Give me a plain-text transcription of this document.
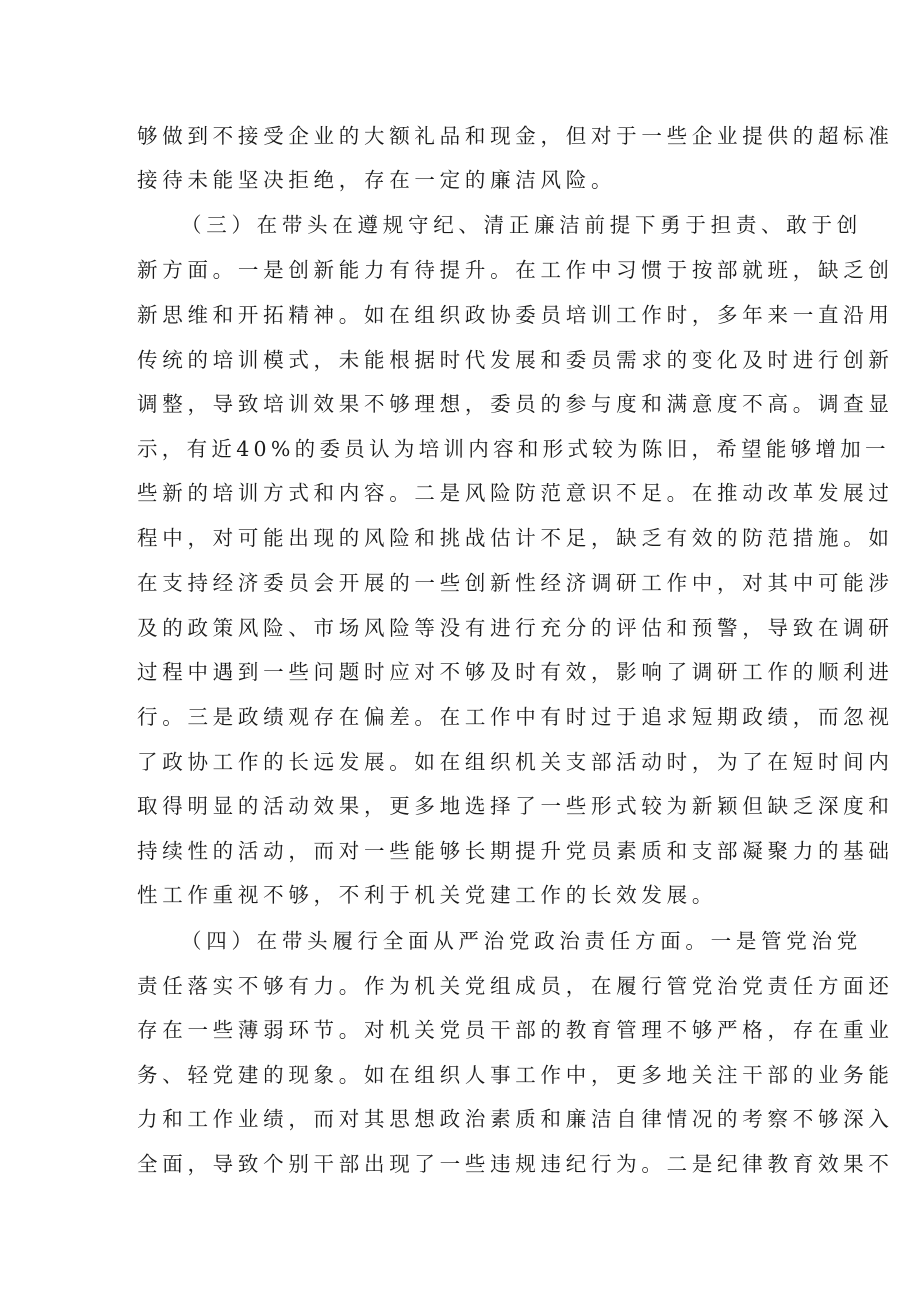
够做到不接受企业的大额礼品和现金，但对于一些企业提供的超标准
接待未能坚决拒绝，存在一定的廉洁风险。
（三）在带头在遵规守纪、清正廉洁前提下勇于担责、敢于创
新方面。一是创新能力有待提升。在工作中习惯于按部就班，缺乏创
新思维和开拓精神。如在组织政协委员培训工作时，多年来一直沿用
传统的培训模式，未能根据时代发展和委员需求的变化及时进行创新
调整，导致培训效果不够理想，委员的参与度和满意度不高。调查显
示，有近40%的委员认为培训内容和形式较为陈旧，希望能够增加一
些新的培训方式和内容。二是风险防范意识不足。在推动改革发展过
程中，对可能出现的风险和挑战估计不足，缺乏有效的防范措施。如
在支持经济委员会开展的一些创新性经济调研工作中，对其中可能涉
及的政策风险、市场风险等没有进行充分的评估和预警，导致在调研
过程中遇到一些问题时应对不够及时有效，影响了调研工作的顺利进
行。三是政绩观存在偏差。在工作中有时过于追求短期政绩，而忽视
了政协工作的长远发展。如在组织机关支部活动时，为了在短时间内
取得明显的活动效果，更多地选择了一些形式较为新颖但缺乏深度和
持续性的活动，而对一些能够长期提升党员素质和支部凝聚力的基础
性工作重视不够，不利于机关党建工作的长效发展。
（四）在带头履行全面从严治党政治责任方面。一是管党治党
责任落实不够有力。作为机关党组成员，在履行管党治党责任方面还
存在一些薄弱环节。对机关党员干部的教育管理不够严格，存在重业
务、轻党建的现象。如在组织人事工作中，更多地关注干部的业务能
力和工作业绩，而对其思想政治素质和廉洁自律情况的考察不够深入
全面，导致个别干部出现了一些违规违纪行为。二是纪律教育效果不
